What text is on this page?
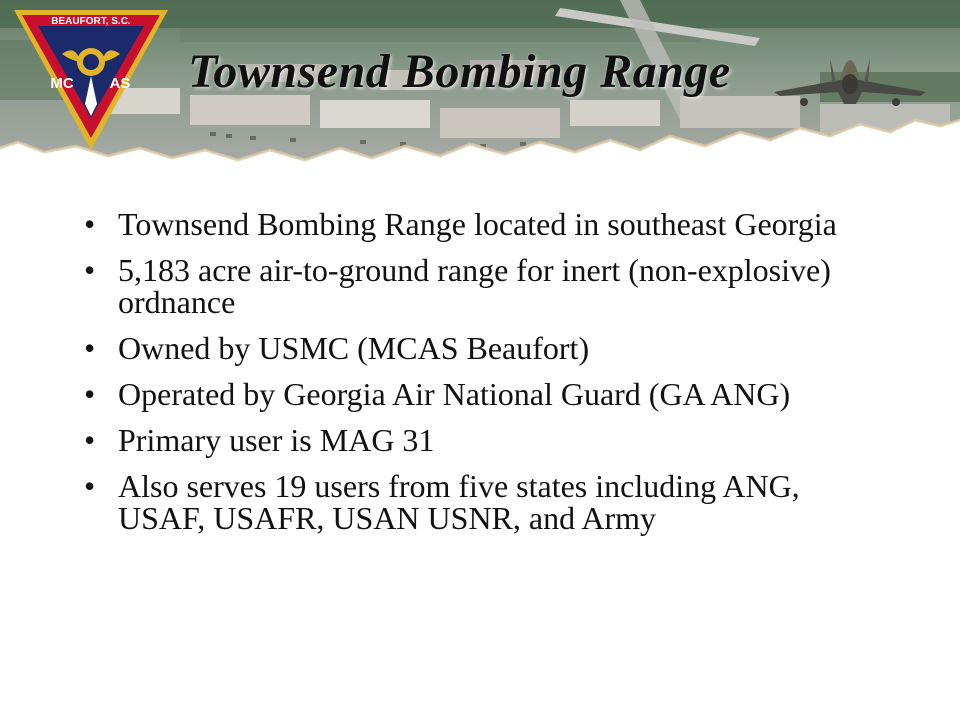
BEAUFORT, S.C.
MC AS Townsend Bombing Range
• Townsend Bombing Range located in southeast Georgia
• 5,183 acre air-to-ground range for inert (non-explosive) ordnance
• Owned by USMC (MCAS Beaufort)
• Operated by Georgia Air National Guard (GA ANG)
• Primary user is MAG 31
• Also serves 19 users from five states including ANG, USAF, USAFR, USAN USNR, and Army
